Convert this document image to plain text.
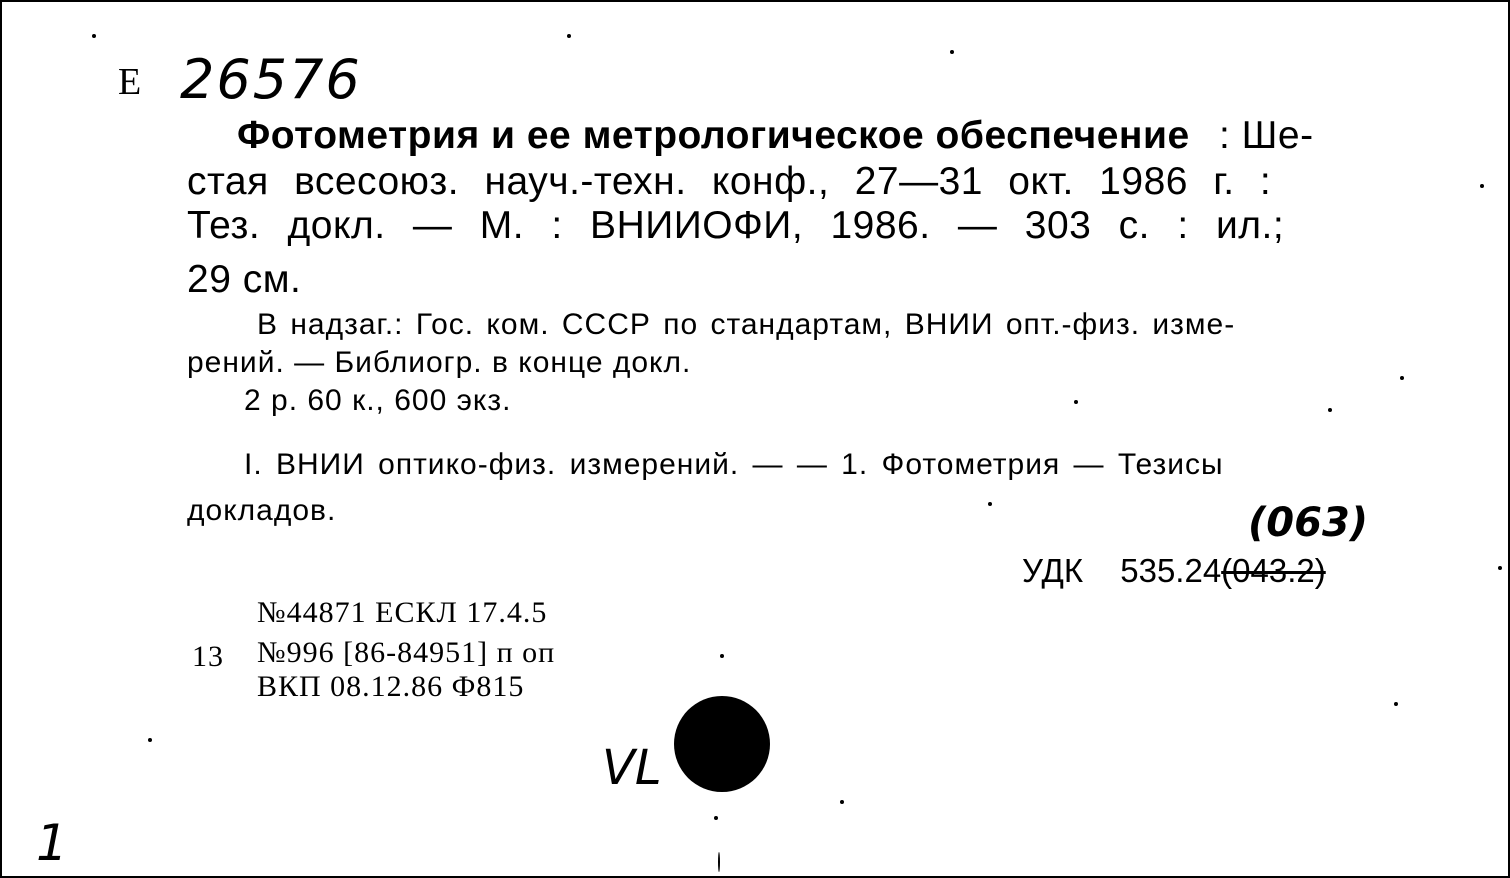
Е 26576
Фотометрия и ее метрологическое обеспечение : Ше-
стая всесоюз. науч.-техн. конф., 27—31 окт. 1986 г. :
Тез. докл. — М. : ВНИИОФИ, 1986. — 303 с. : ил.;
29 см.
В надзаг.: Гос. ком. СССР по стандартам, ВНИИ опт.-физ. изме-
рений. — Библиогр. в конце докл.
2 р. 60 к., 600 экз.
I. ВНИИ оптико-физ. измерений. — — 1. Фотометрия — Тезисы
докладов.	(063)
УДК 535.24(043.2)
13
№44871 ЕСКЛ 17.4.5
№996 [86-84951] п оп
ВКП 08.12.86 Ф815
VL
1
